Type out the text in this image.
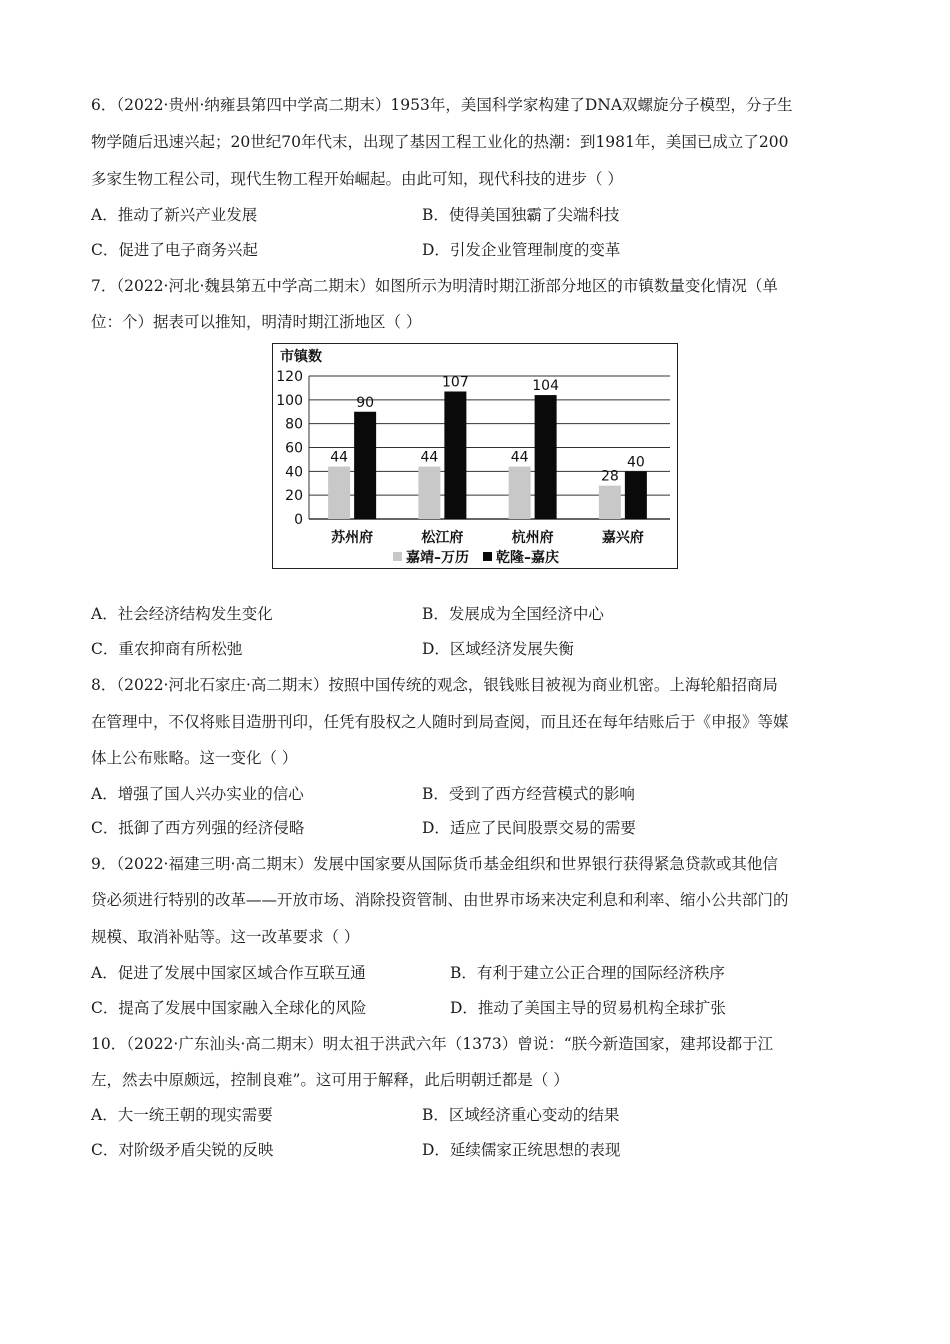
6．（2022·贵州·纳雍县第四中学高二期末）1953年，美国科学家构建了DNA双螺旋分子模型，分子生
物学随后迅速兴起；20世纪70年代末，出现了基因工程工业化的热潮：到1981年，美国已成立了200
多家生物工程公司，现代生物工程开始崛起。由此可知，现代科技的进步（ ）
A．推动了新兴产业发展	B．使得美国独霸了尖端科技
C．促进了电子商务兴起	D．引发企业管理制度的变革
7．（2022·河北·魏县第五中学高二期末）如图所示为明清时期江浙部分地区的市镇数量变化情况（单
位：个）据表可以推知，明清时期江浙地区（ ）
0
20
40
60
80
100
120
44
90
苏州府
44
107
松江府
44
104
杭州府
28
40
嘉兴府
市镇数
嘉靖–万历 乾隆–嘉庆
A．社会经济结构发生变化	B．发展成为全国经济中心
C．重农抑商有所松弛	D．区域经济发展失衡
8．（2022·河北石家庄·高二期末）按照中国传统的观念，银钱账目被视为商业机密。上海轮船招商局
在管理中，不仅将账目造册刊印，任凭有股权之人随时到局查阅，而且还在每年结账后于《申报》等媒
体上公布账略。这一变化（ ）
A．增强了国人兴办实业的信心	B．受到了西方经营模式的影响
C．抵御了西方列强的经济侵略	D．适应了民间股票交易的需要
9．（2022·福建三明·高二期末）发展中国家要从国际货币基金组织和世界银行获得紧急贷款或其他信
贷必须进行特别的改革——开放市场、消除投资管制、由世界市场来决定利息和利率、缩小公共部门的
规模、取消补贴等。这一改革要求（ ）
A．促进了发展中国家区域合作互联互通	B．有利于建立公正合理的国际经济秩序
C．提高了发展中国家融入全球化的风险	D．推动了美国主导的贸易机构全球扩张
10．（2022·广东汕头·高二期末）明太祖于洪武六年（1373）曾说：“朕今新造国家，建邦设都于江
左，然去中原颇远，控制良难”。这可用于解释，此后明朝迁都是（ ）
A．大一统王朝的现实需要	B．区域经济重心变动的结果
C．对阶级矛盾尖锐的反映	D．延续儒家正统思想的表现
